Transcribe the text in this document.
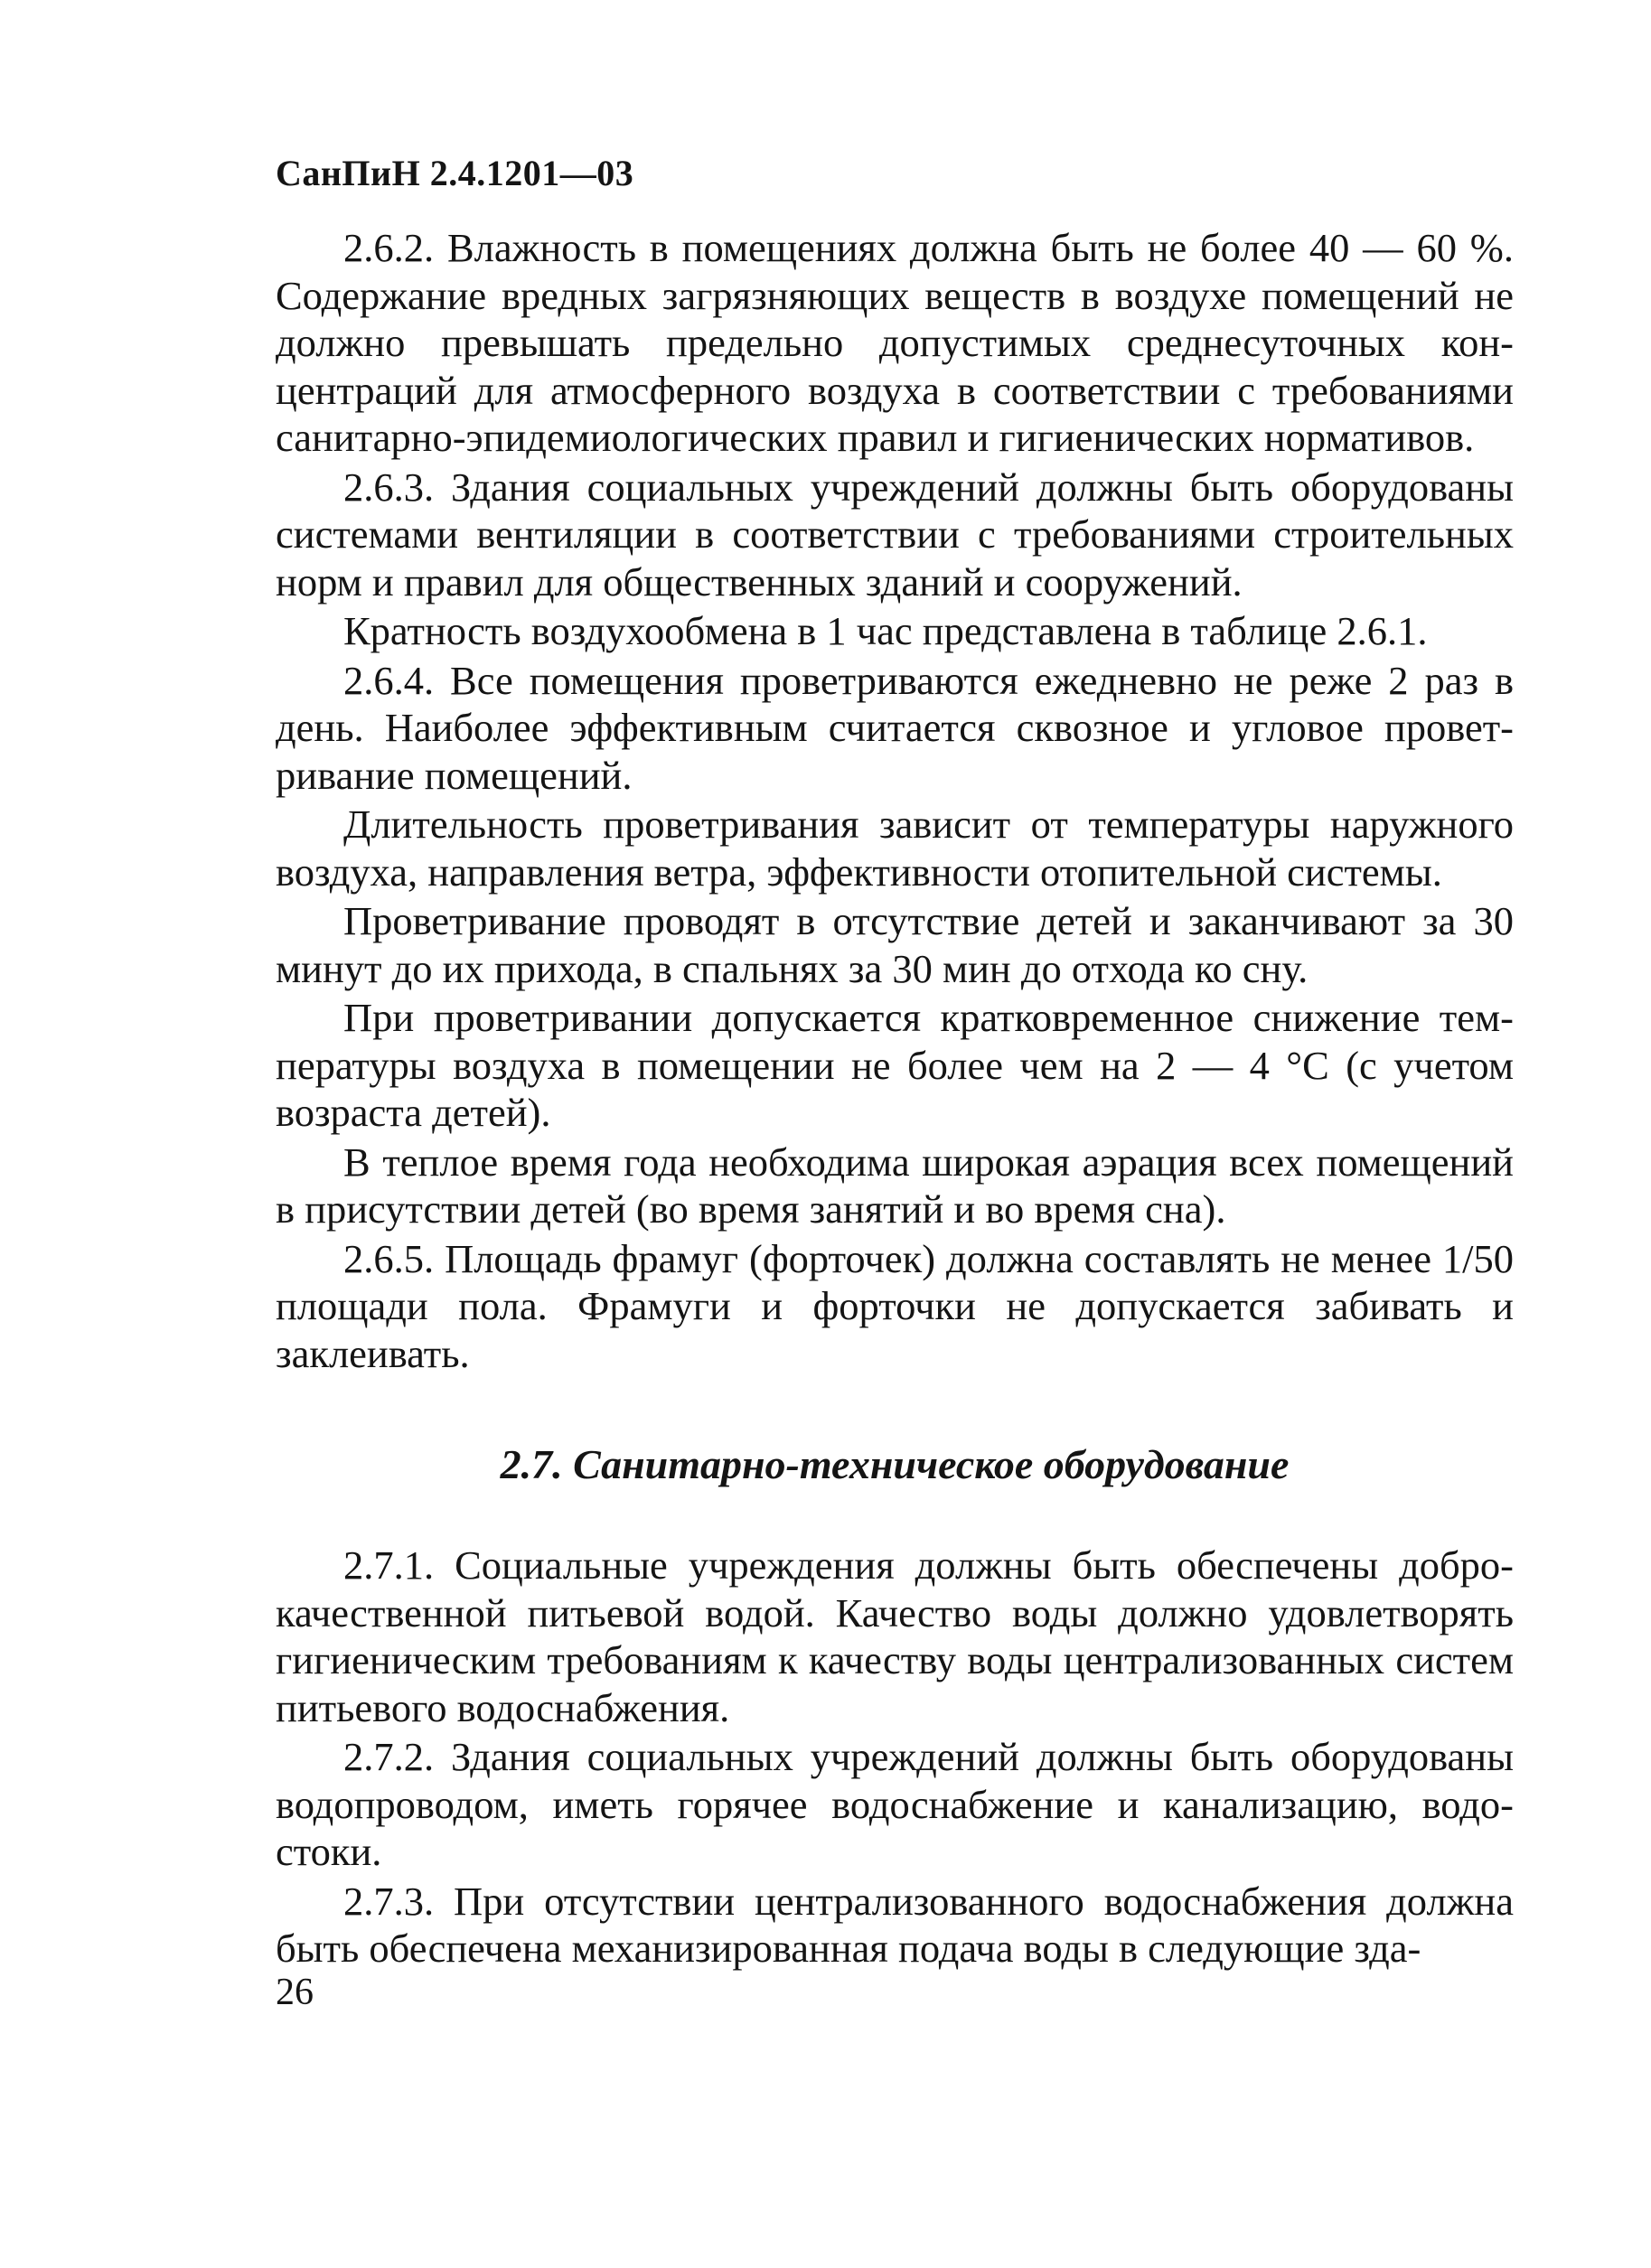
СанПиН 2.4.1201—03

2.6.2. Влажность в помещениях должна быть не более 40 — 60 %. Содержание вредных загрязняющих веществ в воздухе помещений не должно превышать предельно допустимых среднесуточных концентраций для атмосферного воздуха в соответствии с требованиями санитарно-эпидемиологических правил и гигиенических нормативов.

2.6.3. Здания социальных учреждений должны быть оборудованы системами вентиляции в соответствии с требованиями строительных норм и правил для общественных зданий и сооружений.

Кратность воздухообмена в 1 час представлена в таблице 2.6.1.

2.6.4. Все помещения проветриваются ежедневно не реже 2 раз в день. Наиболее эффективным считается сквозное и угловое проветривание помещений.

Длительность проветривания зависит от температуры наружного воздуха, направления ветра, эффективности отопительной системы.

Проветривание проводят в отсутствие детей и заканчивают за 30 минут до их прихода, в спальнях за 30 мин до отхода ко сну.

При проветривании допускается кратковременное снижение температуры воздуха в помещении не более чем на 2 — 4 °С (с учетом возраста детей).

В теплое время года необходима широкая аэрация всех помещений в присутствии детей (во время занятий и во время сна).

2.6.5. Площадь фрамуг (форточек) должна составлять не менее 1/50 площади пола. Фрамуги и форточки не допускается забивать и заклеивать.

2.7. Санитарно-техническое оборудование

2.7.1. Социальные учреждения должны быть обеспечены доброкачественной питьевой водой. Качество воды должно удовлетворять гигиеническим требованиям к качеству воды централизованных систем питьевого водоснабжения.

2.7.2. Здания социальных учреждений должны быть оборудованы водопроводом, иметь горячее водоснабжение и канализацию, водостоки.

2.7.3. При отсутствии централизованного водоснабжения должна быть обеспечена механизированная подача воды в следующие зда-

26
